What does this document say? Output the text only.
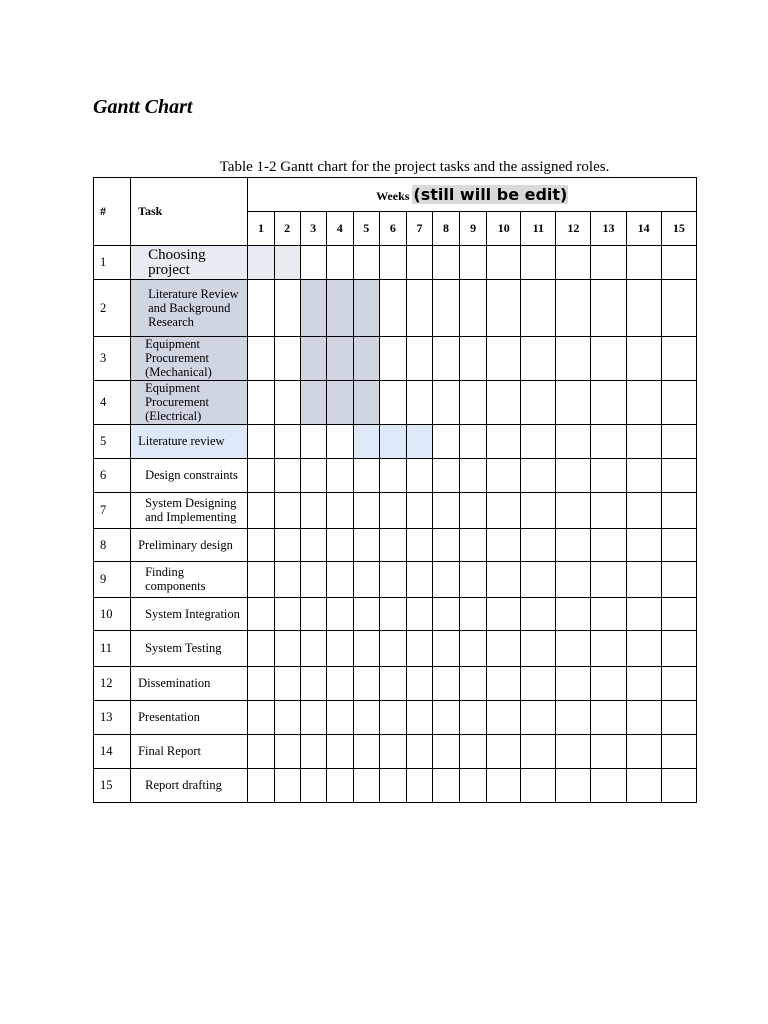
Gantt Chart
Table 1-2 Gantt chart for the project tasks and the assigned roles.
#	Task	Weeks (still will be edit)														
		1	2	3	4	5	6	7	8	9	10	11	12	13	14	15
1	Choosing project															
2	Literature Review and Background Research															
3	Equipment Procurement (Mechanical)															
4	Equipment Procurement (Electrical)															
5	Literature review															
6	Design constraints															
7	System Designing and Implementing															
8	Preliminary design															
9	Finding components															
10	System Integration															
11	System Testing															
12	Dissemination															
13	Presentation															
14	Final Report															
15	Report drafting															
